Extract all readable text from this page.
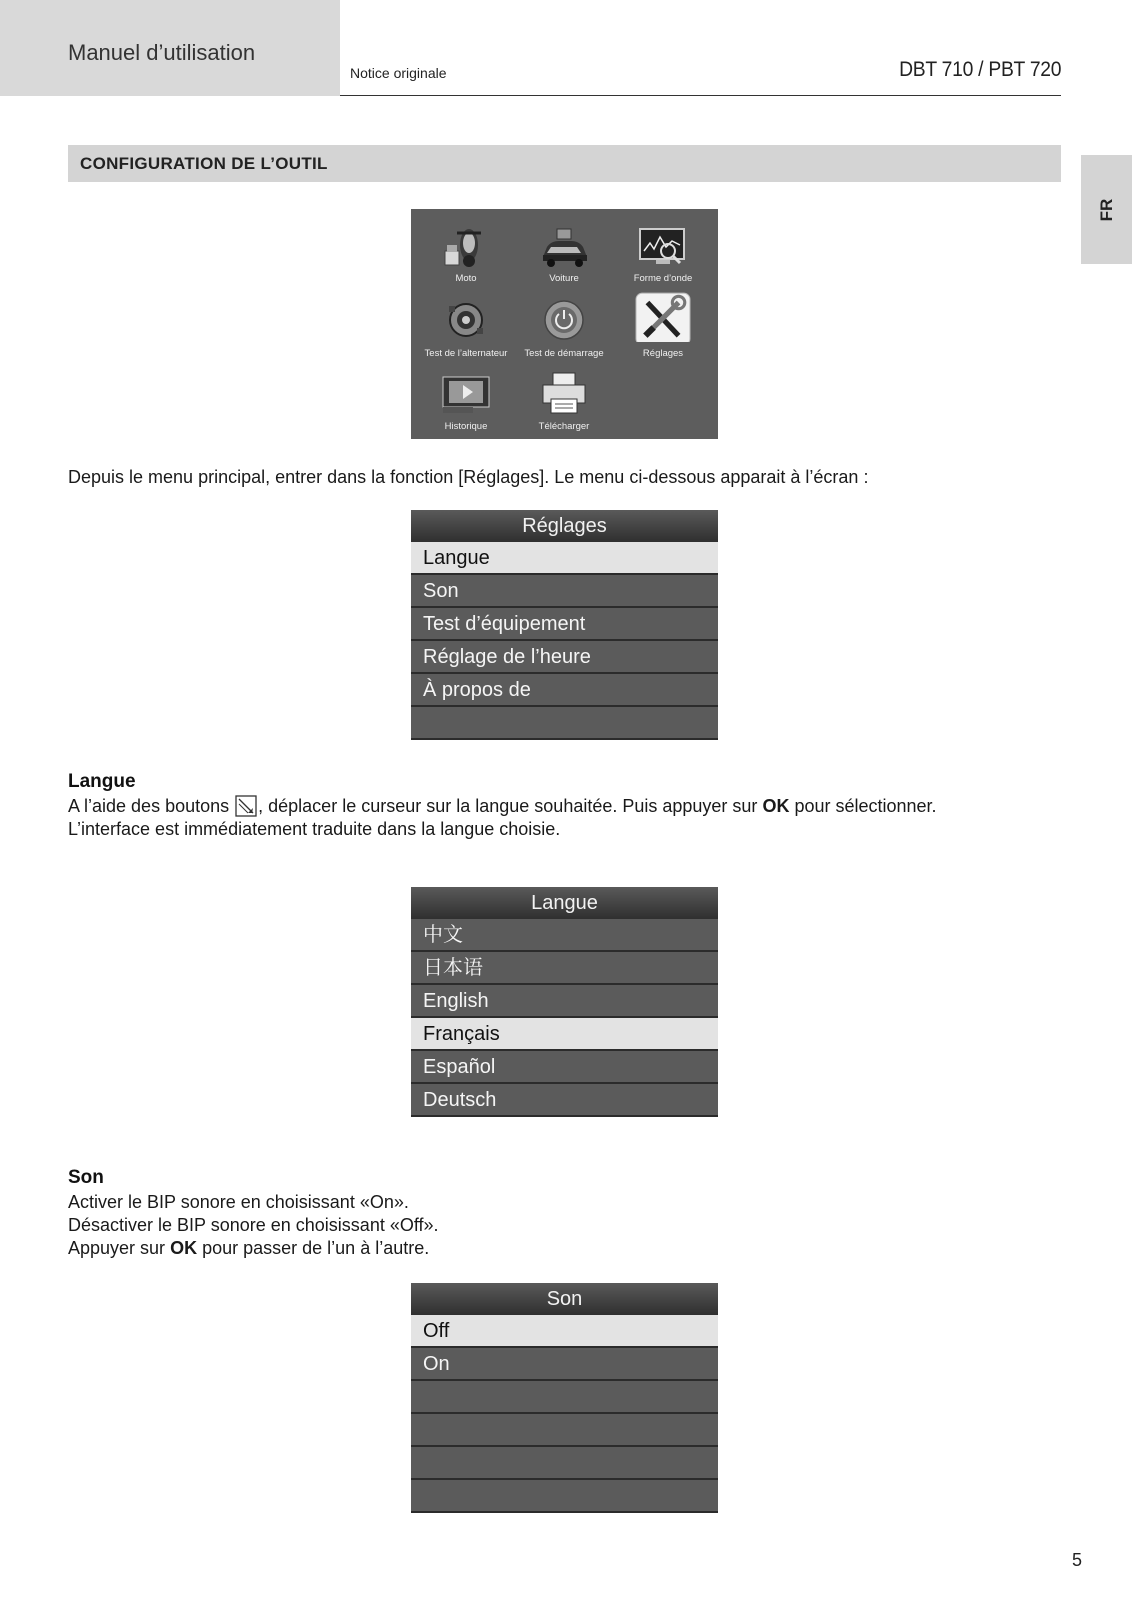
Manuel d’utilisation
Notice originale	DBT 710 / PBT 720
FR
CONFIGURATION DE L’OUTIL
Moto	Voiture	Forme d’onde
Test de l’alternateur	Test de démarrage	Réglages
Historique	Télécharger
Depuis le menu principal, entrer dans la fonction [Réglages]. Le menu ci-dessous apparait à l’écran :
Réglages
Langue
Son
Test d’équipement
Réglage de l’heure
À propos de
Langue
A l’aide des boutons , déplacer le curseur sur la langue souhaitée. Puis appuyer sur OK pour sélectionner.
L’interface est immédiatement traduite dans la langue choisie.
Langue
中文
日本语
English
Français
Español
Deutsch
Son
Activer le BIP sonore en choisissant «On».
Désactiver le BIP sonore en choisissant «Off».
Appuyer sur OK pour passer de l’un à l’autre.
Son
Off
On
5
